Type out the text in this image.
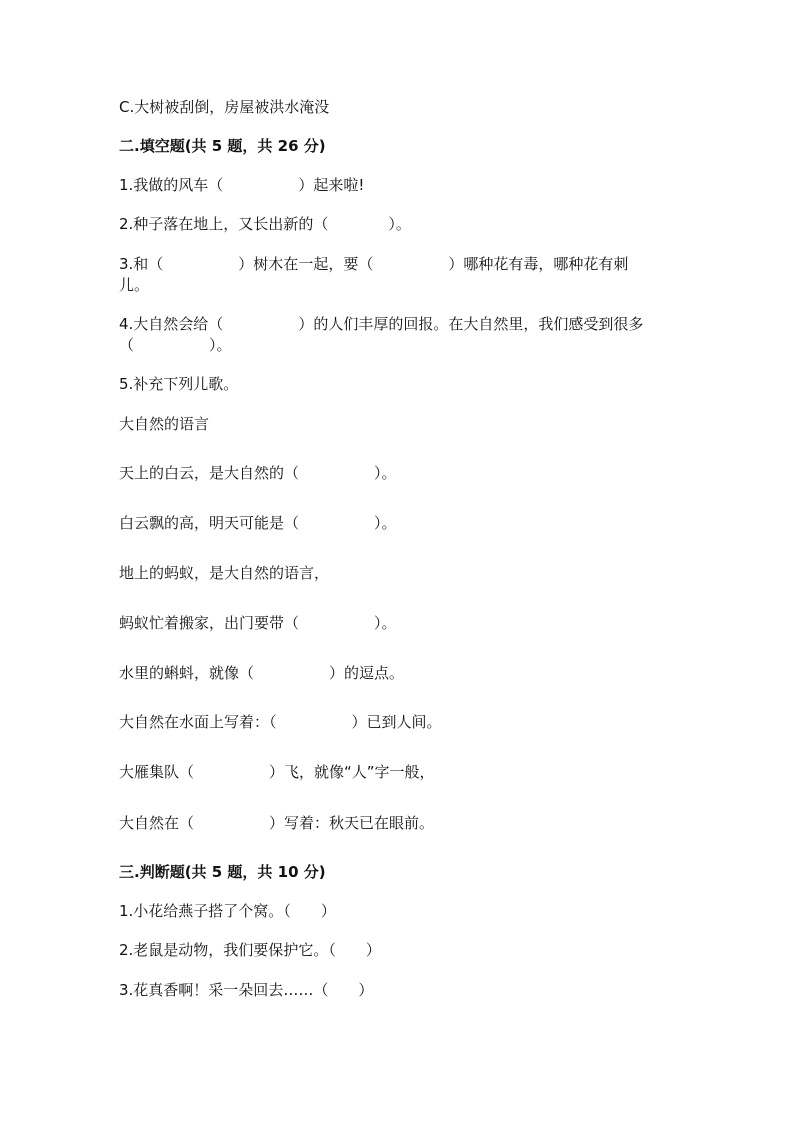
C.大树被刮倒，房屋被洪水淹没
二.填空题(共 5 题，共 26 分)
1.我做的风车（　　　　　）起来啦!
2.种子落在地上，又长出新的（　　　　）。
3.和（　　　　　）树木在一起，要（　　　　　）哪种花有毒，哪种花有刺
儿。
4.大自然会给（　　　　　）的人们丰厚的回报。在大自然里，我们感受到很多
（　　　　　）。
5.补充下列儿歌。
大自然的语言
天上的白云，是大自然的（　　　　　）。
白云飘的高，明天可能是（　　　　　）。
地上的蚂蚁，是大自然的语言，
蚂蚁忙着搬家，出门要带（　　　　　）。
水里的蝌蚪，就像（　　　　　）的逗点。
大自然在水面上写着：（　　　　　）已到人间。
大雁集队（　　　　　）飞，就像“人”字一般，
大自然在（　　　　　）写着：秋天已在眼前。
三.判断题(共 5 题，共 10 分)
1.小花给燕子搭了个窝。（　　）
2.老鼠是动物，我们要保护它。（　　）
3.花真香啊！采一朵回去……（　　）
